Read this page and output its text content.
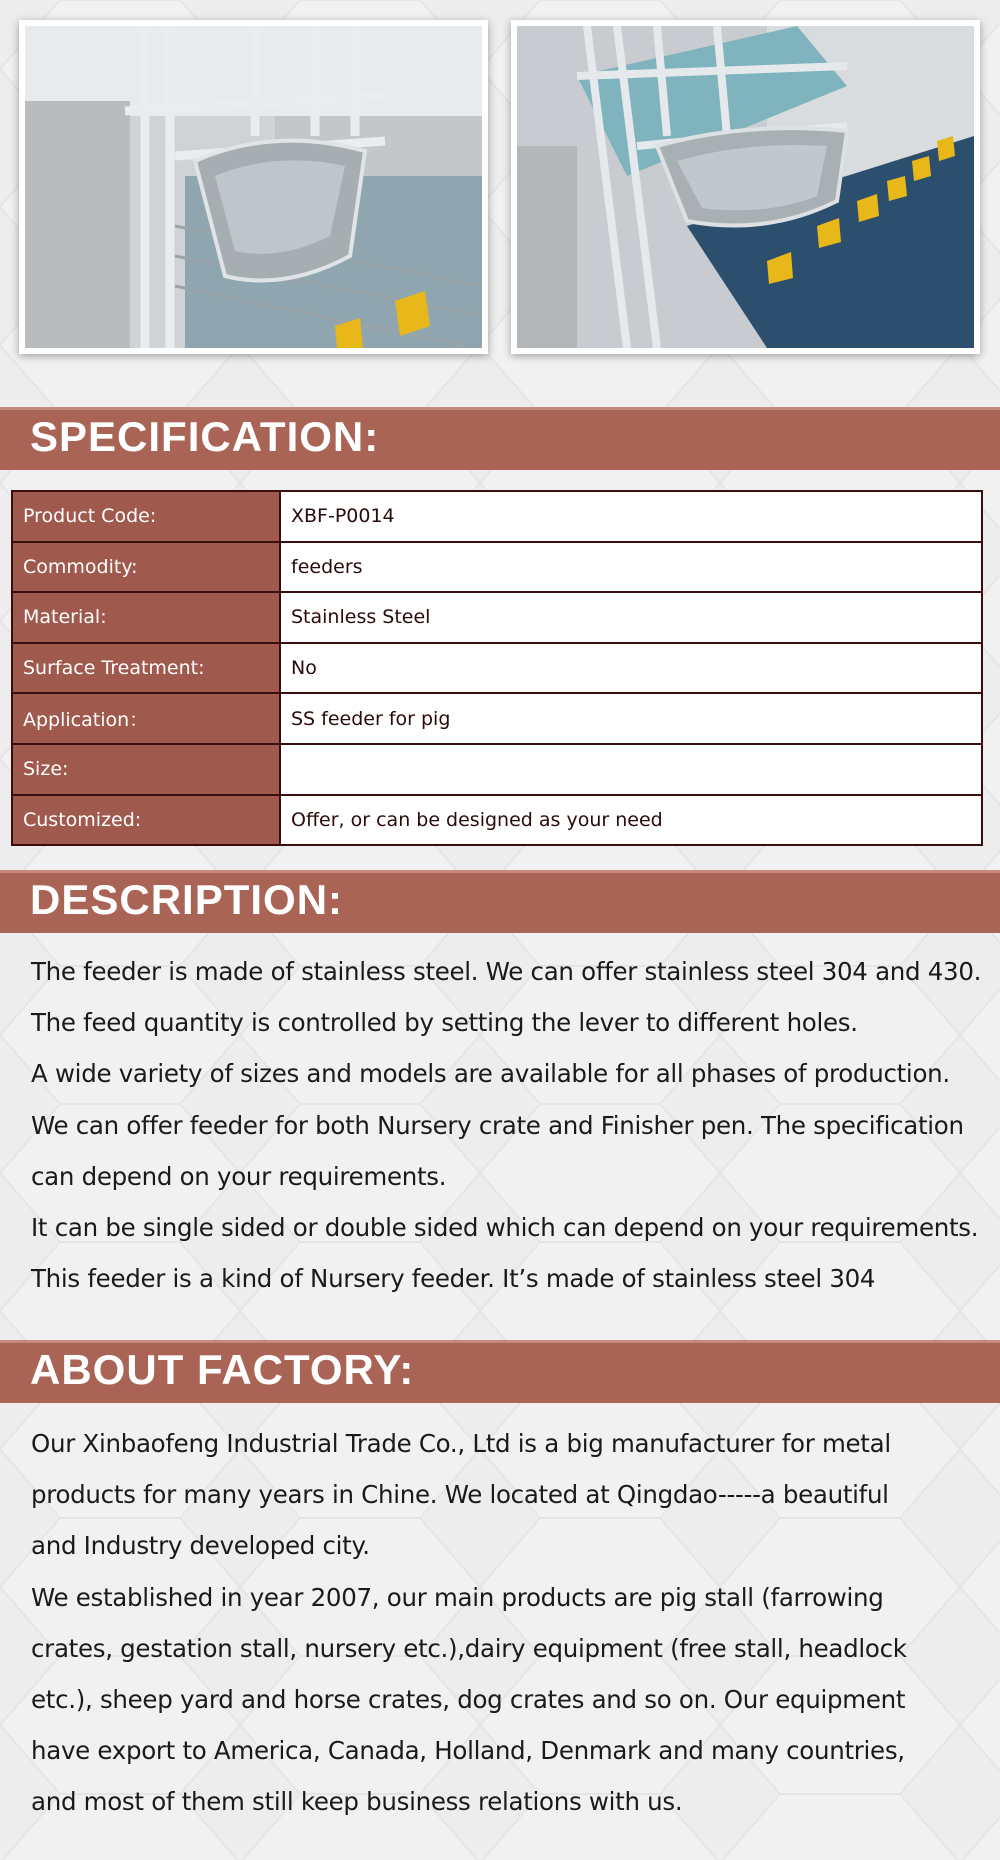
SPECIFICATION:
Product Code:	XBF-P0014
Commodity:	feeders
Material:	Stainless Steel
Surface Treatment:	No
Application：	SS feeder for pig
Size:	
Customized:	Offer, or can be designed as your need
DESCRIPTION:

The feeder is made of stainless steel. We can offer stainless steel 304 and 430.

The feed quantity is controlled by setting the lever to different holes.

A wide variety of sizes and models are available for all phases of production.

We can offer feeder for both Nursery crate and Finisher pen. The specification

can depend on your requirements.

It can be single sided or double sided which can depend on your requirements.

This feeder is a kind of Nursery feeder. It’s made of stainless steel 304

ABOUT FACTORY:

Our Xinbaofeng Industrial Trade Co., Ltd is a big manufacturer for metal

products for many years in Chine. We located at Qingdao-----a beautiful

and Industry developed city.

We established in year 2007, our main products are pig stall (farrowing

crates, gestation stall, nursery etc.),dairy equipment (free stall, headlock

etc.), sheep yard and horse crates, dog crates and so on. Our equipment

have export to America, Canada, Holland, Denmark and many countries,

and most of them still keep business relations with us.
